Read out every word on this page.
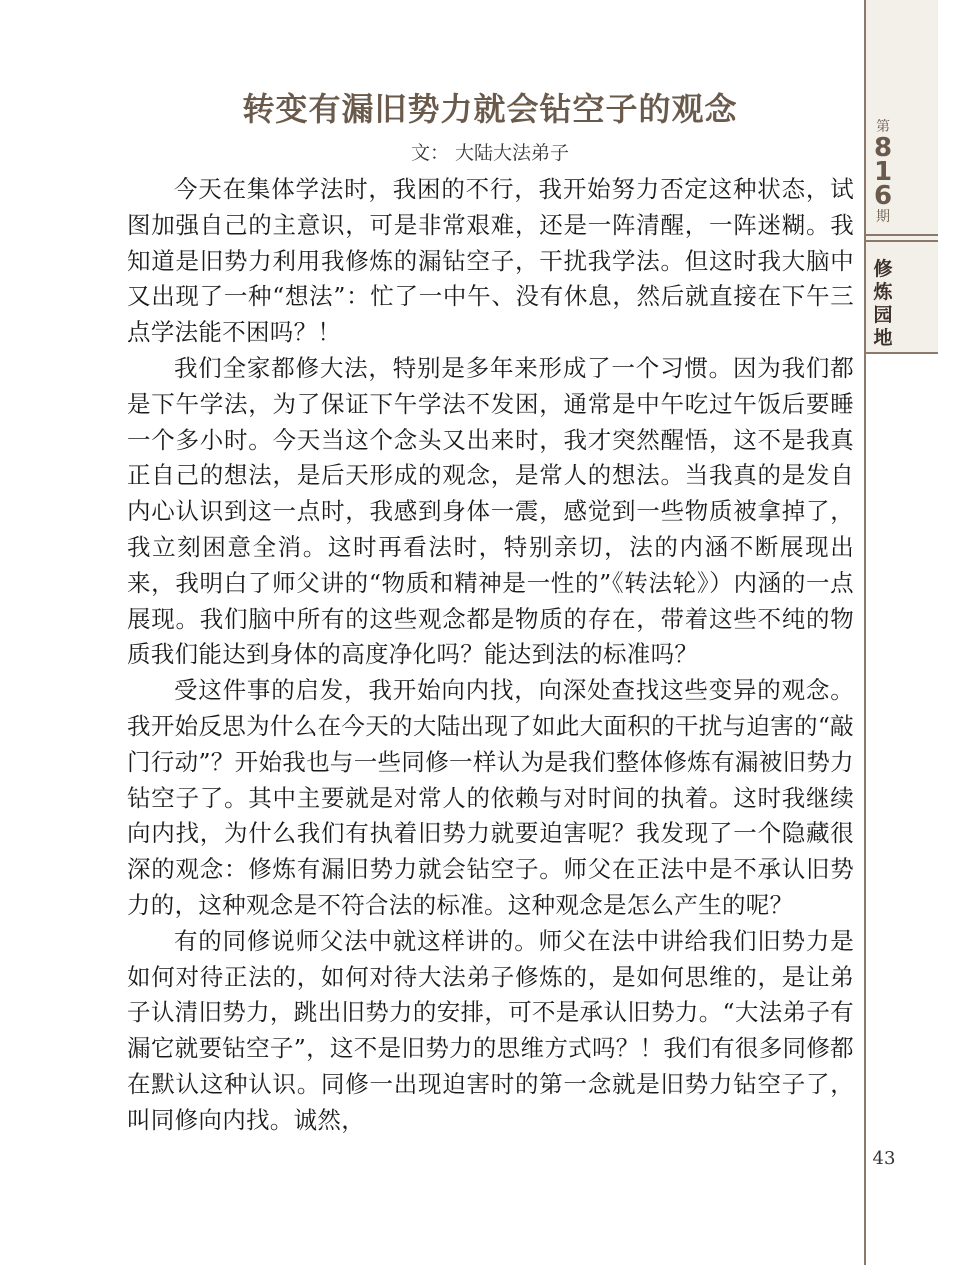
转变有漏旧势力就会钻空子的观念
文： 大陆大法弟子

今天在集体学法时，我困的不行，我开始努力否定这种状态，试图加强自己的主意识，可是非常艰难，还是一阵清醒，一阵迷糊。我知道是旧势力利用我修炼的漏钻空子，干扰我学法。但这时我大脑中又出现了一种“想法”：忙了一中午、没有休息，然后就直接在下午三点学法能不困吗？！

我们全家都修大法，特别是多年来形成了一个习惯。因为我们都是下午学法，为了保证下午学法不发困，通常是中午吃过午饭后要睡一个多小时。今天当这个念头又出来时，我才突然醒悟，这不是我真正自己的想法，是后天形成的观念，是常人的想法。当我真的是发自内心认识到这一点时，我感到身体一震，感觉到一些物质被拿掉了，我立刻困意全消。这时再看法时，特别亲切，法的内涵不断展现出来，我明白了师父讲的“物质和精神是一性的”《转法轮》）内涵的一点展现。我们脑中所有的这些观念都是物质的存在，带着这些不纯的物质我们能达到身体的高度净化吗？能达到法的标准吗？

受这件事的启发，我开始向内找，向深处查找这些变异的观念。我开始反思为什么在今天的大陆出现了如此大面积的干扰与迫害的“敲门行动”？开始我也与一些同修一样认为是我们整体修炼有漏被旧势力钻空子了。其中主要就是对常人的依赖与对时间的执着。这时我继续向内找，为什么我们有执着旧势力就要迫害呢？我发现了一个隐藏很深的观念：修炼有漏旧势力就会钻空子。师父在正法中是不承认旧势力的，这种观念是不符合法的标准。这种观念是怎么产生的呢？

有的同修说师父法中就这样讲的。师父在法中讲给我们旧势力是如何对待正法的，如何对待大法弟子修炼的，是如何思维的，是让弟子认清旧势力，跳出旧势力的安排，可不是承认旧势力。“大法弟子有漏它就要钻空子”，这不是旧势力的思维方式吗？！我们有很多同修都在默认这种认识。同修一出现迫害时的第一念就是旧势力钻空子了，叫同修向内找。诚然，

第
8
1
6
期
修
炼
园
地
43
